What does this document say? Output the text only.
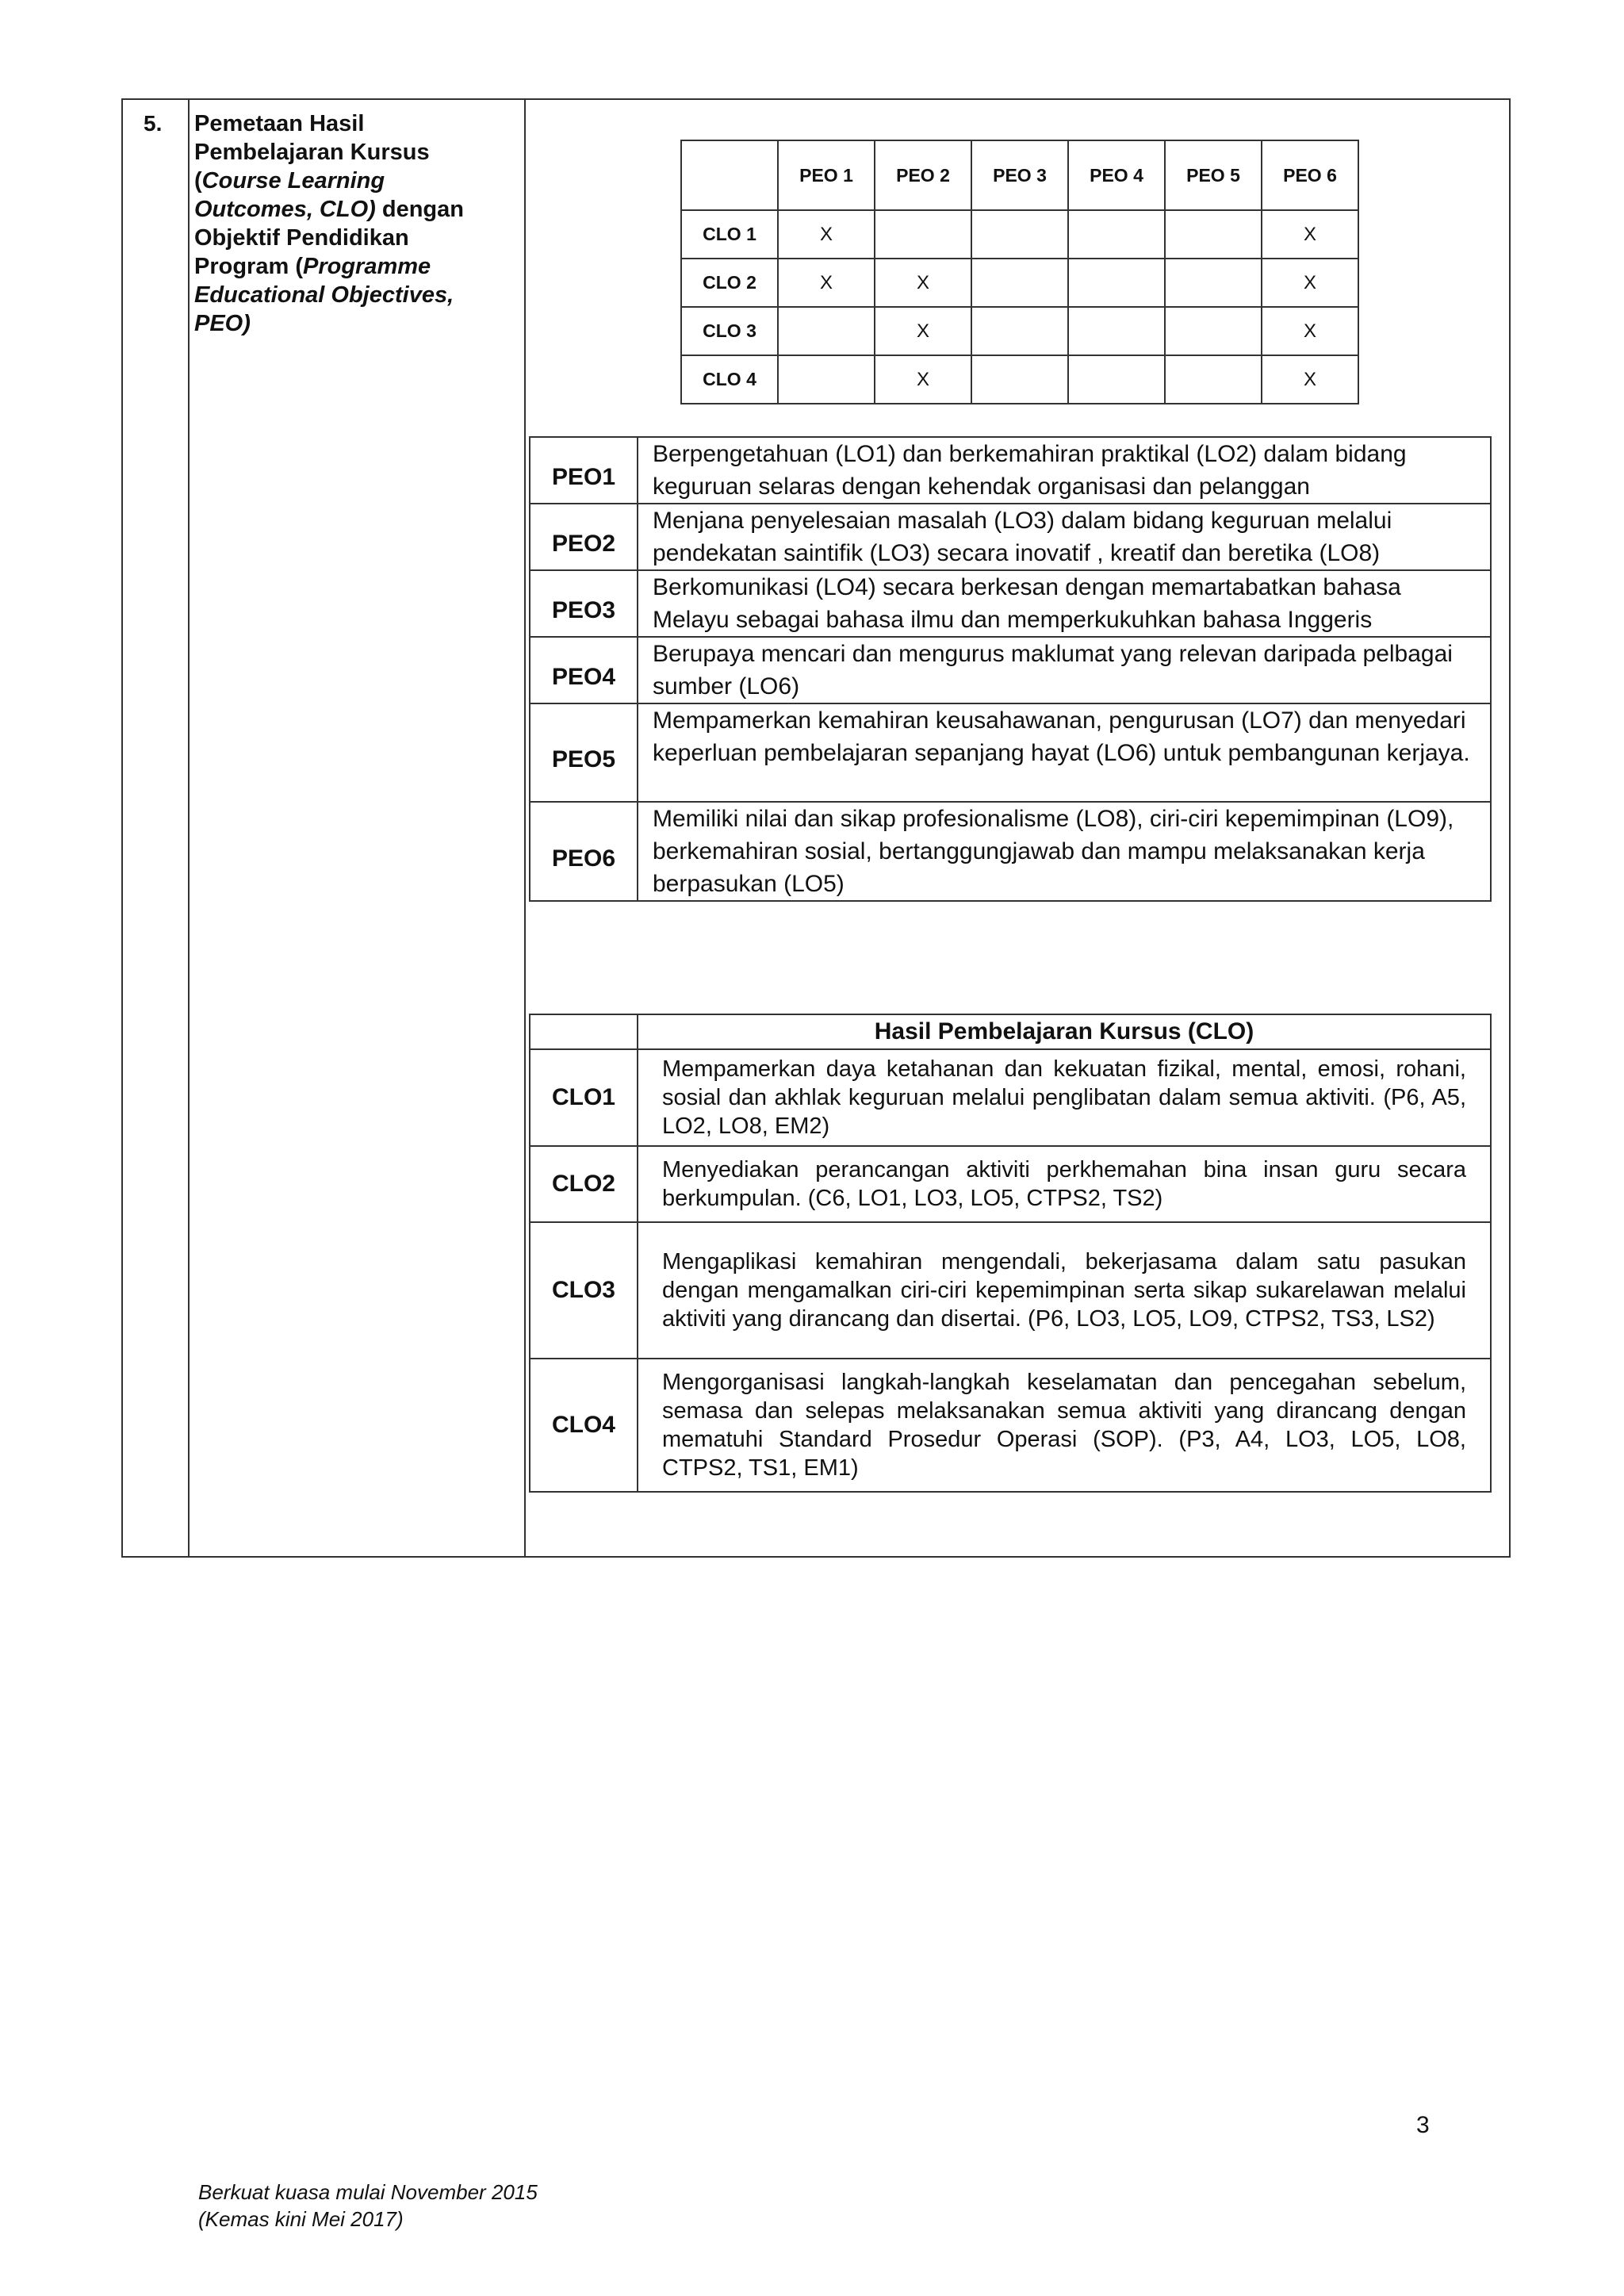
5. Pemetaan Hasil Pembelajaran Kursus (Course Learning Outcomes, CLO) dengan Objektif Pendidikan Program (Programme Educational Objectives, PEO)
	PEO 1	PEO 2	PEO 3	PEO 4	PEO 5	PEO 6
CLO 1	X					X
CLO 2	X	X				X
CLO 3		X				X
CLO 4		X				X
PEO1	Berpengetahuan (LO1) dan berkemahiran praktikal (LO2) dalam bidang keguruan selaras dengan kehendak organisasi dan pelanggan
PEO2	Menjana penyelesaian masalah (LO3) dalam bidang keguruan melalui pendekatan saintifik (LO3) secara inovatif , kreatif dan beretika (LO8)
PEO3	Berkomunikasi (LO4) secara berkesan dengan memartabatkan bahasa Melayu sebagai bahasa ilmu dan memperkukuhkan bahasa Inggeris
PEO4	Berupaya mencari dan mengurus maklumat yang relevan daripada pelbagai sumber (LO6)
PEO5	Mempamerkan kemahiran keusahawanan, pengurusan (LO7) dan menyedari keperluan pembelajaran sepanjang hayat (LO6) untuk pembangunan kerjaya.
PEO6	Memiliki nilai dan sikap profesionalisme (LO8), ciri-ciri kepemimpinan (LO9), berkemahiran sosial, bertanggungjawab dan mampu melaksanakan kerja berpasukan (LO5)
	Hasil Pembelajaran Kursus (CLO)
CLO1	Mempamerkan daya ketahanan dan kekuatan fizikal, mental, emosi, rohani, sosial dan akhlak keguruan melalui penglibatan dalam semua aktiviti. (P6, A5, LO2, LO8, EM2)
CLO2	Menyediakan perancangan aktiviti perkhemahan bina insan guru secara berkumpulan. (C6, LO1, LO3, LO5, CTPS2, TS2)
CLO3	Mengaplikasi kemahiran mengendali, bekerjasama dalam satu pasukan dengan mengamalkan ciri-ciri kepemimpinan serta sikap sukarelawan melalui aktiviti yang dirancang dan disertai. (P6, LO3, LO5, LO9, CTPS2, TS3, LS2)
CLO4	Mengorganisasi langkah-langkah keselamatan dan pencegahan sebelum, semasa dan selepas melaksanakan semua aktiviti yang dirancang dengan mematuhi Standard Prosedur Operasi (SOP). (P3, A4, LO3, LO5, LO8, CTPS2, TS1, EM1)
3
Berkuat kuasa mulai November 2015
(Kemas kini Mei 2017)
